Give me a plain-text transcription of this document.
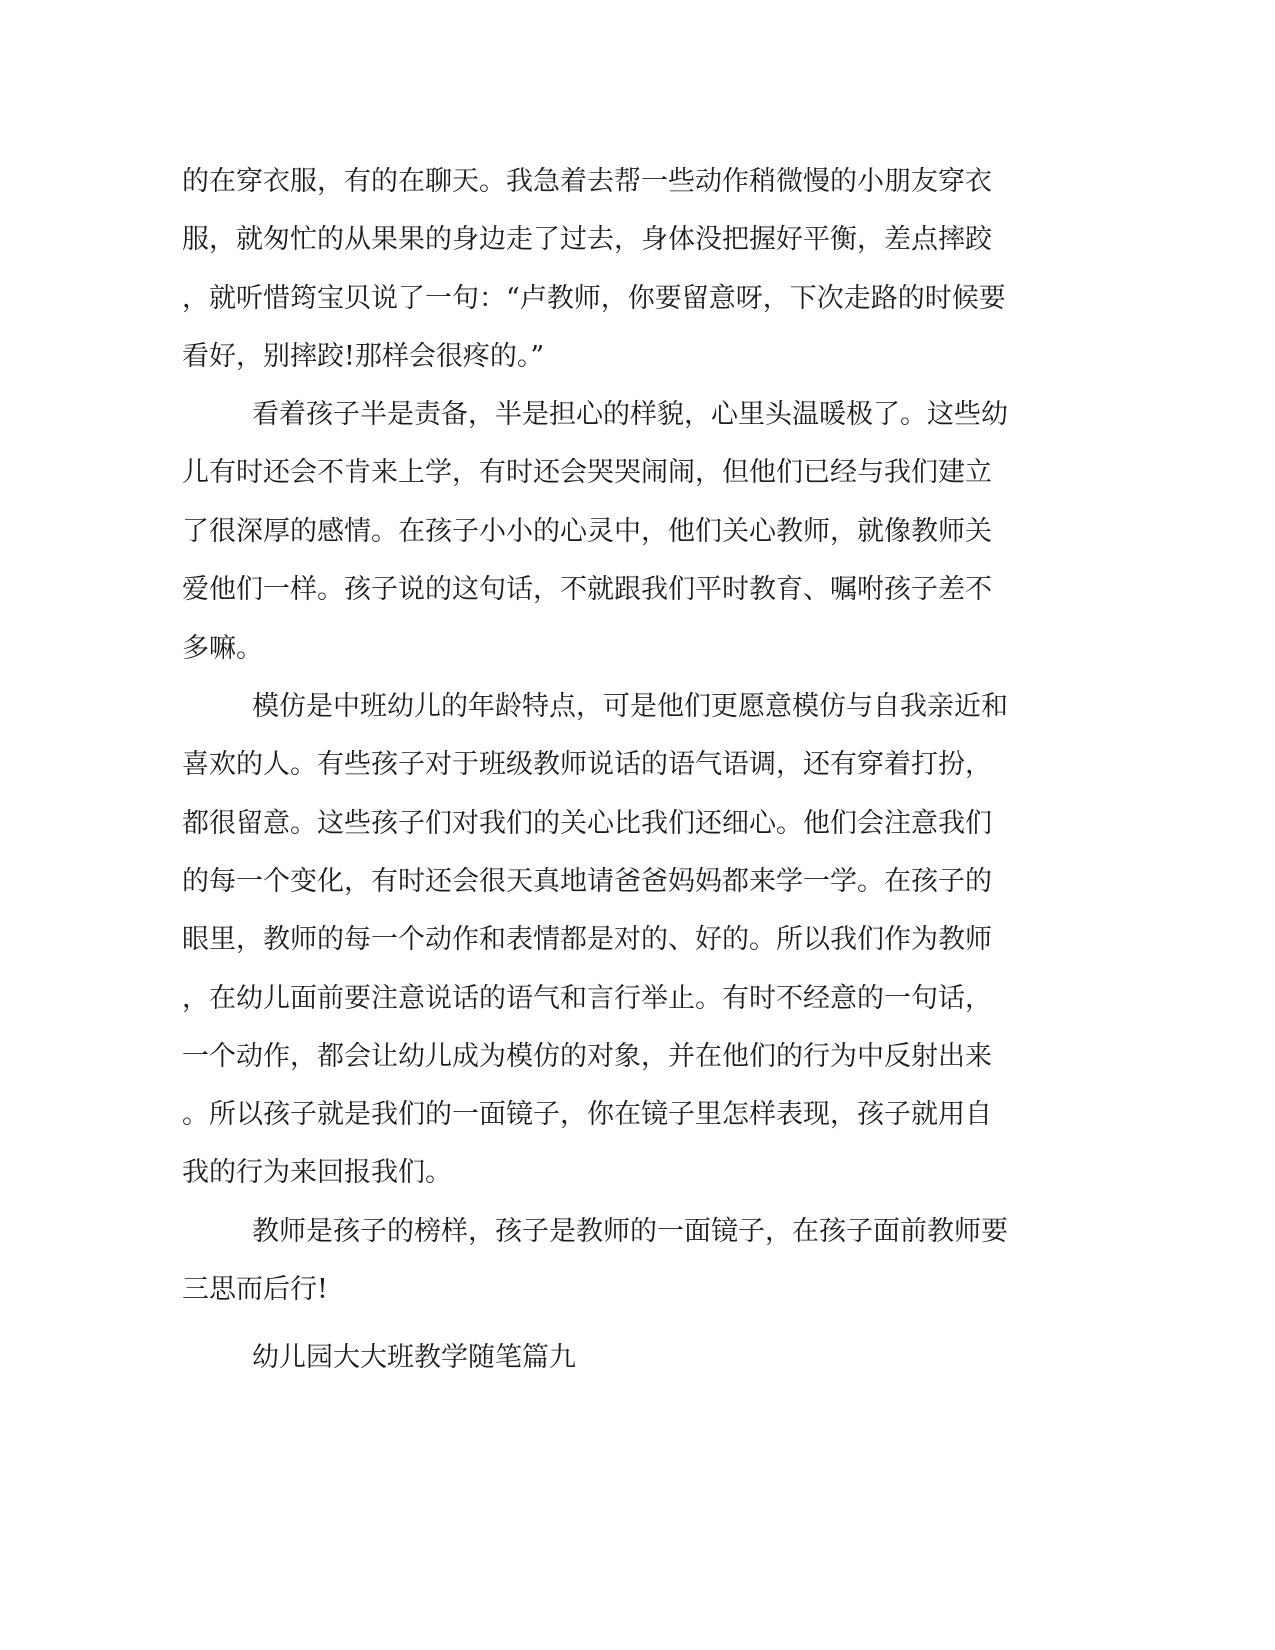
的在穿衣服，有的在聊天。我急着去帮一些动作稍微慢的小朋友穿衣
服，就匆忙的从果果的身边走了过去，身体没把握好平衡，差点摔跤
，就听惜筠宝贝说了一句：“卢教师，你要留意呀，下次走路的时候要
看好，别摔跤!那样会很疼的。”
看着孩子半是责备，半是担心的样貌，心里头温暖极了。这些幼
儿有时还会不肯来上学，有时还会哭哭闹闹，但他们已经与我们建立
了很深厚的感情。在孩子小小的心灵中，他们关心教师，就像教师关
爱他们一样。孩子说的这句话，不就跟我们平时教育、嘱咐孩子差不
多嘛。
模仿是中班幼儿的年龄特点，可是他们更愿意模仿与自我亲近和
喜欢的人。有些孩子对于班级教师说话的语气语调，还有穿着打扮，
都很留意。这些孩子们对我们的关心比我们还细心。他们会注意我们
的每一个变化，有时还会很天真地请爸爸妈妈都来学一学。在孩子的
眼里，教师的每一个动作和表情都是对的、好的。所以我们作为教师
，在幼儿面前要注意说话的语气和言行举止。有时不经意的一句话，
一个动作，都会让幼儿成为模仿的对象，并在他们的行为中反射出来
。所以孩子就是我们的一面镜子，你在镜子里怎样表现，孩子就用自
我的行为来回报我们。
教师是孩子的榜样，孩子是教师的一面镜子，在孩子面前教师要
三思而后行!
幼儿园大大班教学随笔篇九
